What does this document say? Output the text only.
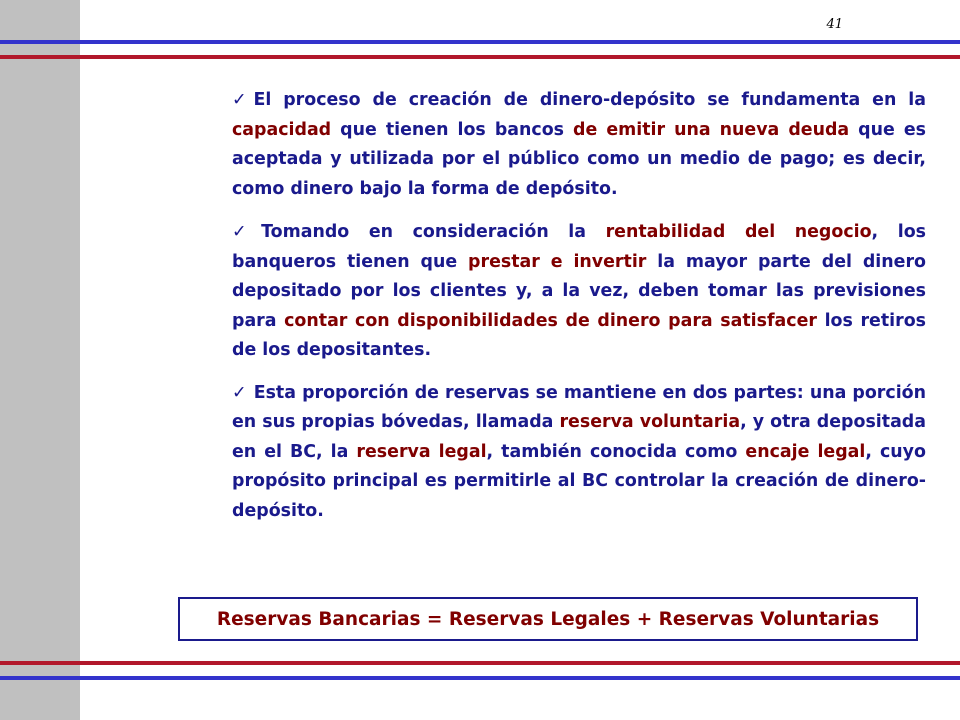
41

✓El proceso de creación de dinero-depósito se fundamenta en la capacidad que tienen los bancos de emitir una nueva deuda que es aceptada y utilizada por el público como un medio de pago; es decir, como dinero bajo la forma de depósito.

✓Tomando en consideración la rentabilidad del negocio, los banqueros tienen que prestar e invertir la mayor parte del dinero depositado por los clientes y, a la vez, deben tomar las previsiones para contar con disponibilidades de dinero para satisfacer los retiros de los depositantes.

✓ Esta proporción de reservas se mantiene en dos partes: una porción en sus propias bóvedas, llamada reserva voluntaria, y otra depositada en el BC, la reserva legal, también conocida como encaje legal, cuyo propósito principal es permitirle al BC controlar la creación de dinero-depósito.

Reservas Bancarias = Reservas Legales + Reservas Voluntarias
